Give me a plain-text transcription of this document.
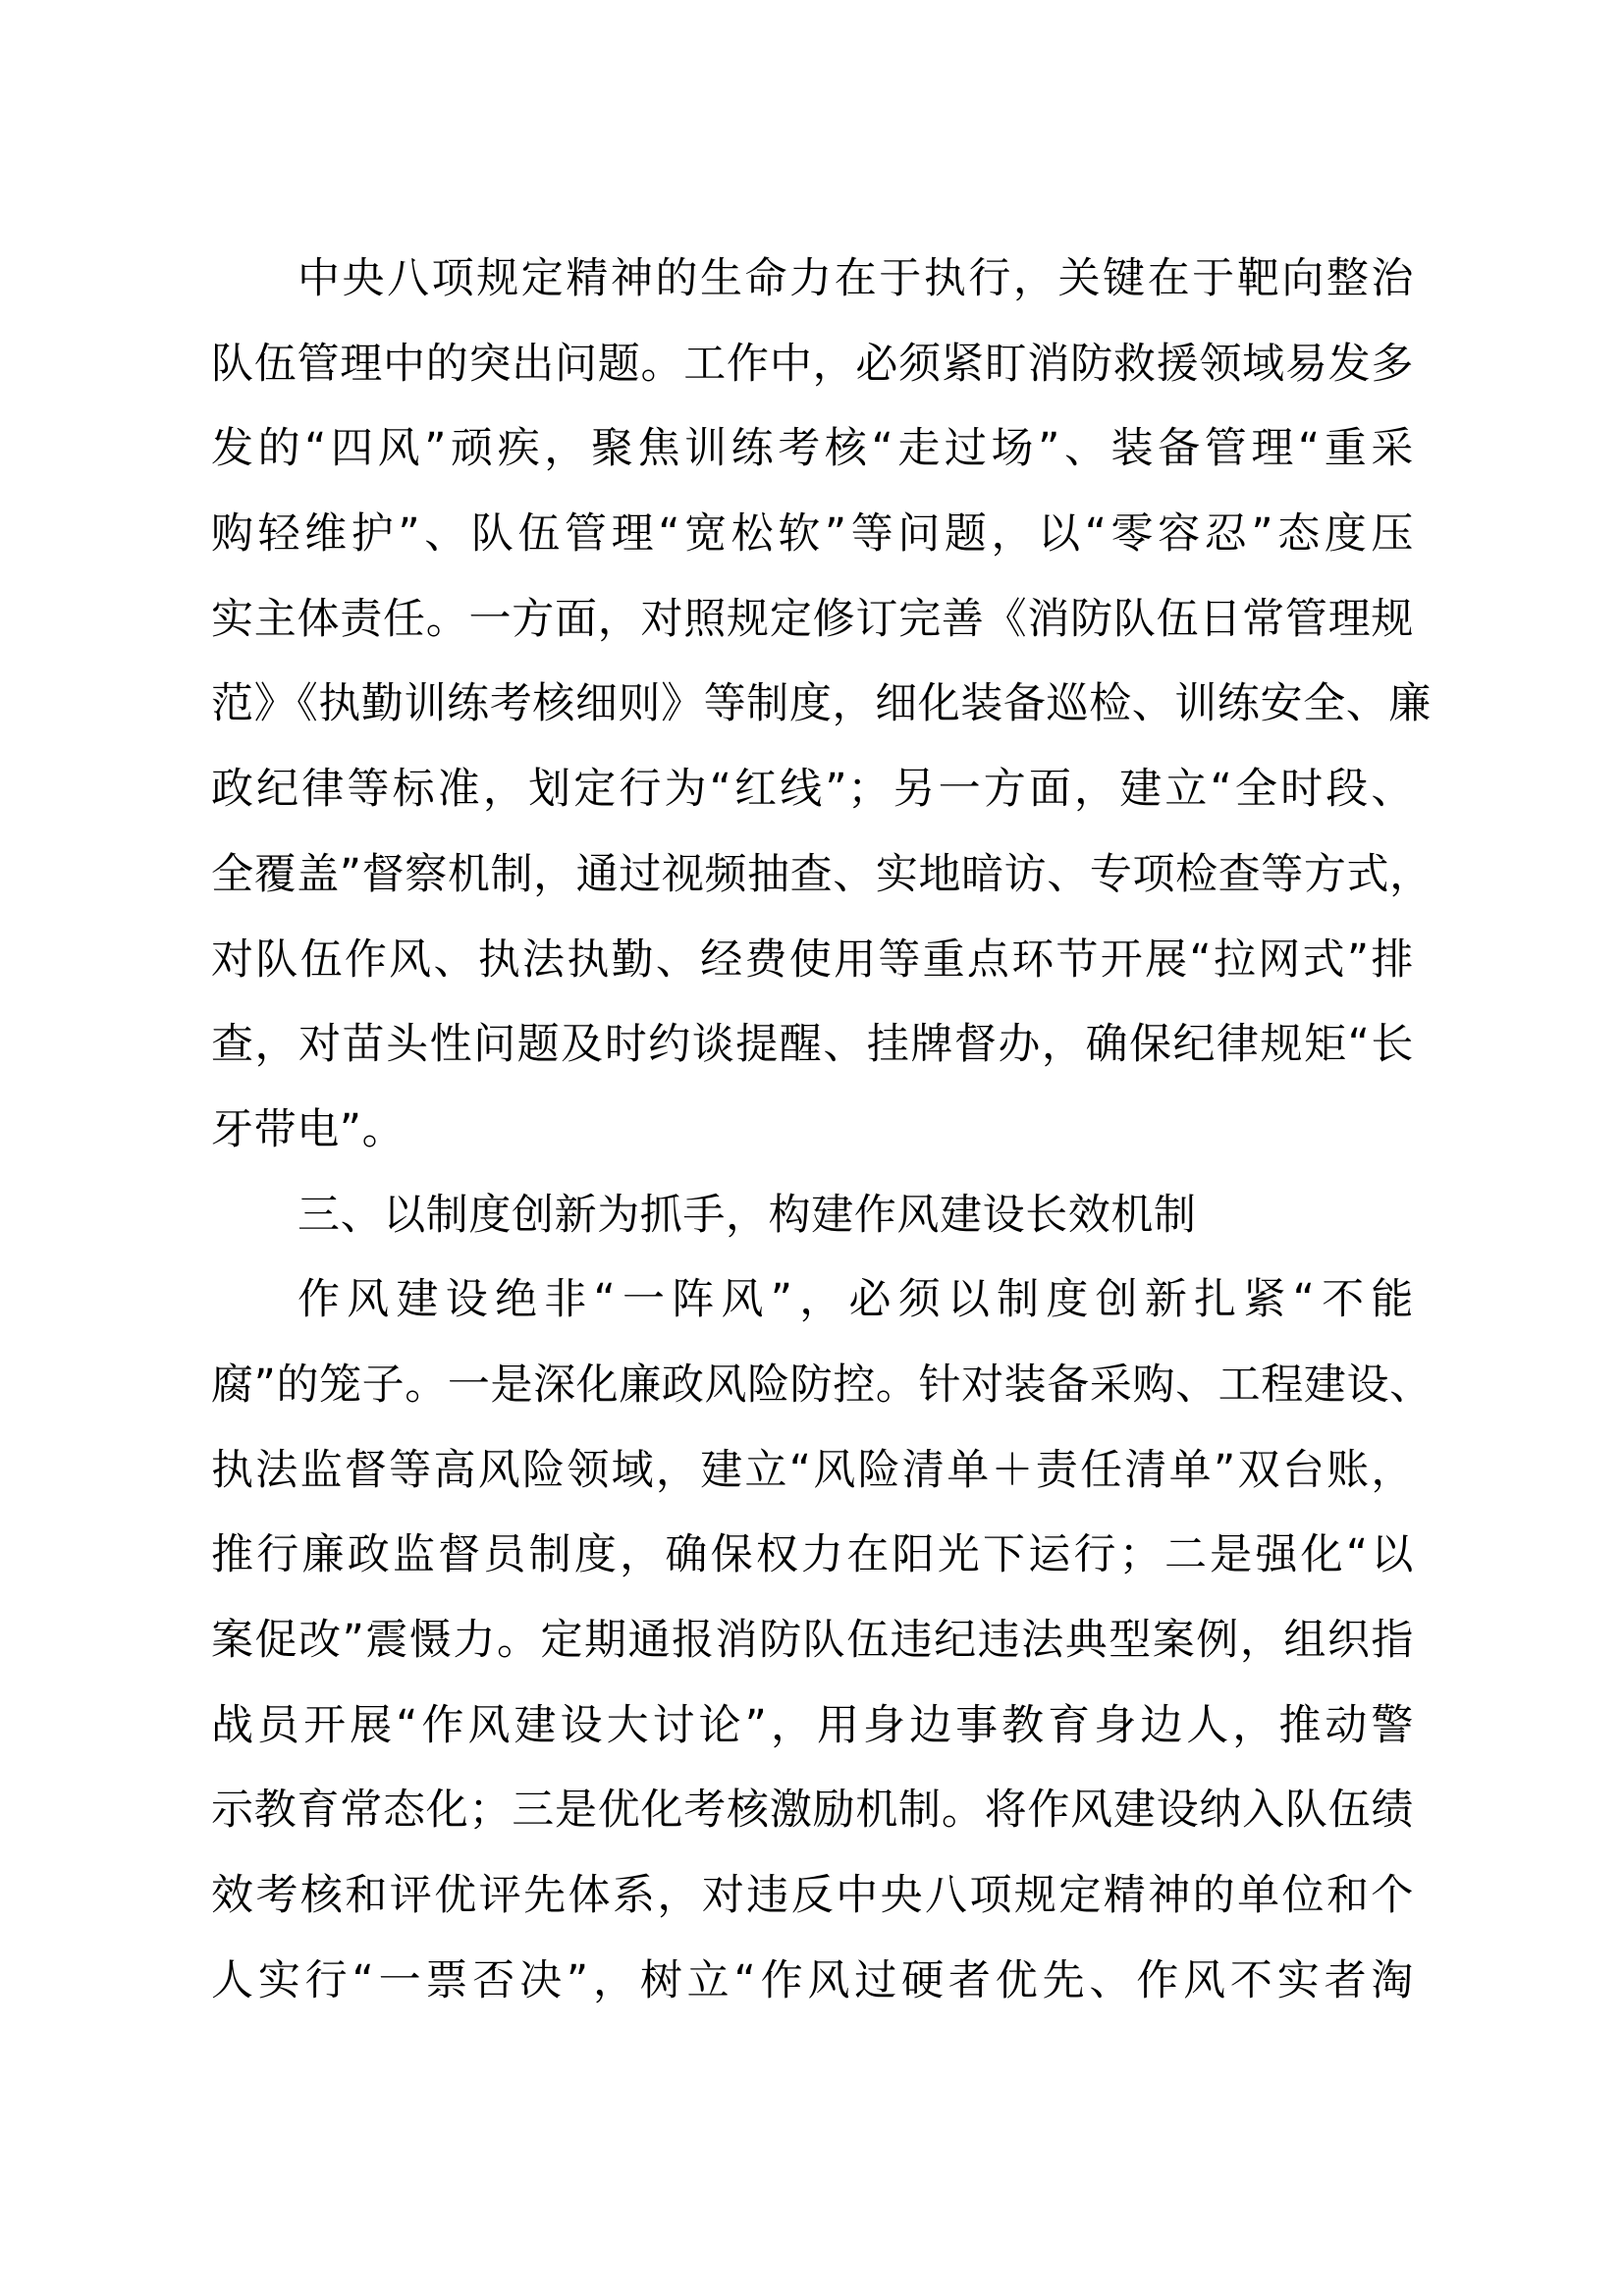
中央八项规定精神的生命力在于执行，关键在于靶向整治
队伍管理中的突出问题。工作中，必须紧盯消防救援领域易发多
发的“四风”顽疾，聚焦训练考核“走过场”、装备管理“重采
购轻维护”、队伍管理“宽松软”等问题，以“零容忍”态度压
实主体责任。一方面，对照规定修订完善《消防队伍日常管理规
范》《执勤训练考核细则》等制度，细化装备巡检、训练安全、廉
政纪律等标准，划定行为“红线”；另一方面，建立“全时段、
全覆盖”督察机制，通过视频抽查、实地暗访、专项检查等方式，
对队伍作风、执法执勤、经费使用等重点环节开展“拉网式”排
查，对苗头性问题及时约谈提醒、挂牌督办，确保纪律规矩“长
牙带电”。
三、以制度创新为抓手，构建作风建设长效机制
作风建设绝非“一阵风”，必须以制度创新扎紧“不能
腐”的笼子。一是深化廉政风险防控。针对装备采购、工程建设、
执法监督等高风险领域，建立“风险清单＋责任清单”双台账，
推行廉政监督员制度，确保权力在阳光下运行；二是强化“以
案促改”震慑力。定期通报消防队伍违纪违法典型案例，组织指
战员开展“作风建设大讨论”，用身边事教育身边人，推动警
示教育常态化；三是优化考核激励机制。将作风建设纳入队伍绩
效考核和评优评先体系，对违反中央八项规定精神的单位和个
人实行“一票否决”，树立“作风过硬者优先、作风不实者淘
